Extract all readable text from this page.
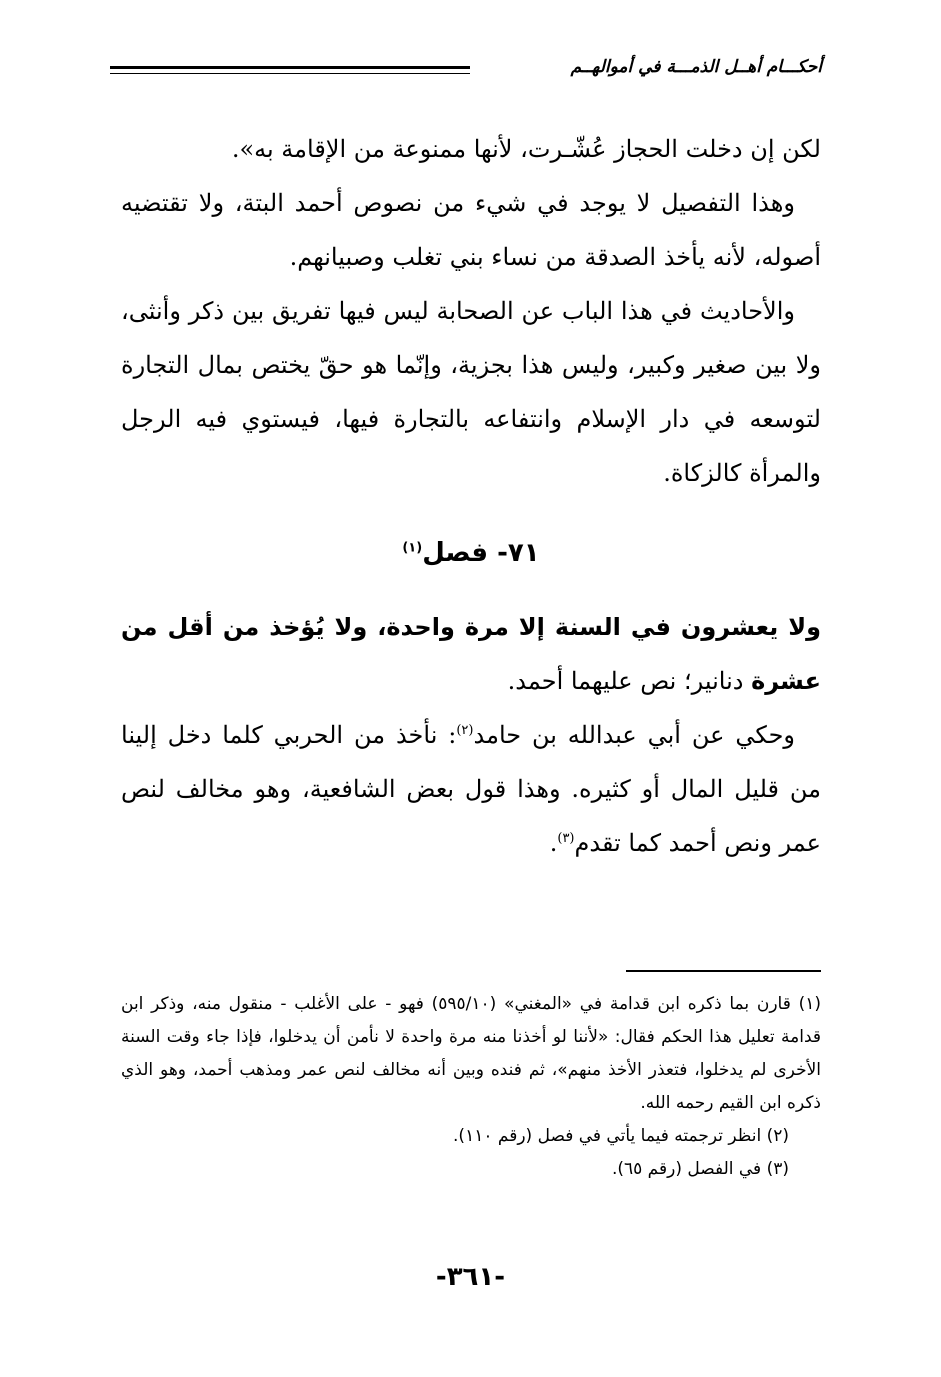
أحكـــام أهــل الذمـــة في أموالهــم

لكن إن دخلت الحجاز عُشّـرت، لأنها ممنوعة من الإقامة به».

وهذا التفصيل لا يوجد في شيء من نصوص أحمد البتة، ولا تقتضيه أصوله، لأنه يأخذ الصدقة من نساء بني تغلب وصبيانهم.

والأحاديث في هذا الباب عن الصحابة ليس فيها تفريق بين ذكر وأنثى، ولا بين صغير وكبير، وليس هذا بجزية، وإنّما هو حقّ يختص بمال التجارة لتوسعه في دار الإسلام وانتفاعه بالتجارة فيها، فيستوي فيه الرجل والمرأة كالزكاة.

٧١- فصل$^{(١)}$

ولا يعشرون في السنة إلا مرة واحدة، ولا يُؤخذ من أقل من عشرة دنانير؛ نص عليهما أحمد.

وحكي عن أبي عبدالله بن حامد$^{(٢)}$: نأخذ من الحربي كلما دخل إلينا من قليل المال أو كثيره. وهذا قول بعض الشافعية، وهو مخالف لنص عمر ونص أحمد كما تقدم$^{(٣)}$.

(١) قارن بما ذكره ابن قدامة في «المغني» (٥٩٥/١٠) فهو - على الأغلب - منقول منه، وذكر ابن قدامة تعليل هذا الحكم فقال: «لأننا لو أخذنا منه مرة واحدة لا نأمن أن يدخلوا، فإذا جاء وقت السنة الأخرى لم يدخلوا، فتعذر الأخذ منهم»، ثم فنده وبين أنه مخالف لنص عمر ومذهب أحمد، وهو الذي ذكره ابن القيم رحمه الله.

(٢) انظر ترجمته فيما يأتي في فصل (رقم ١١٠).

(٣) في الفصل (رقم ٦٥).

-٣٦١-
